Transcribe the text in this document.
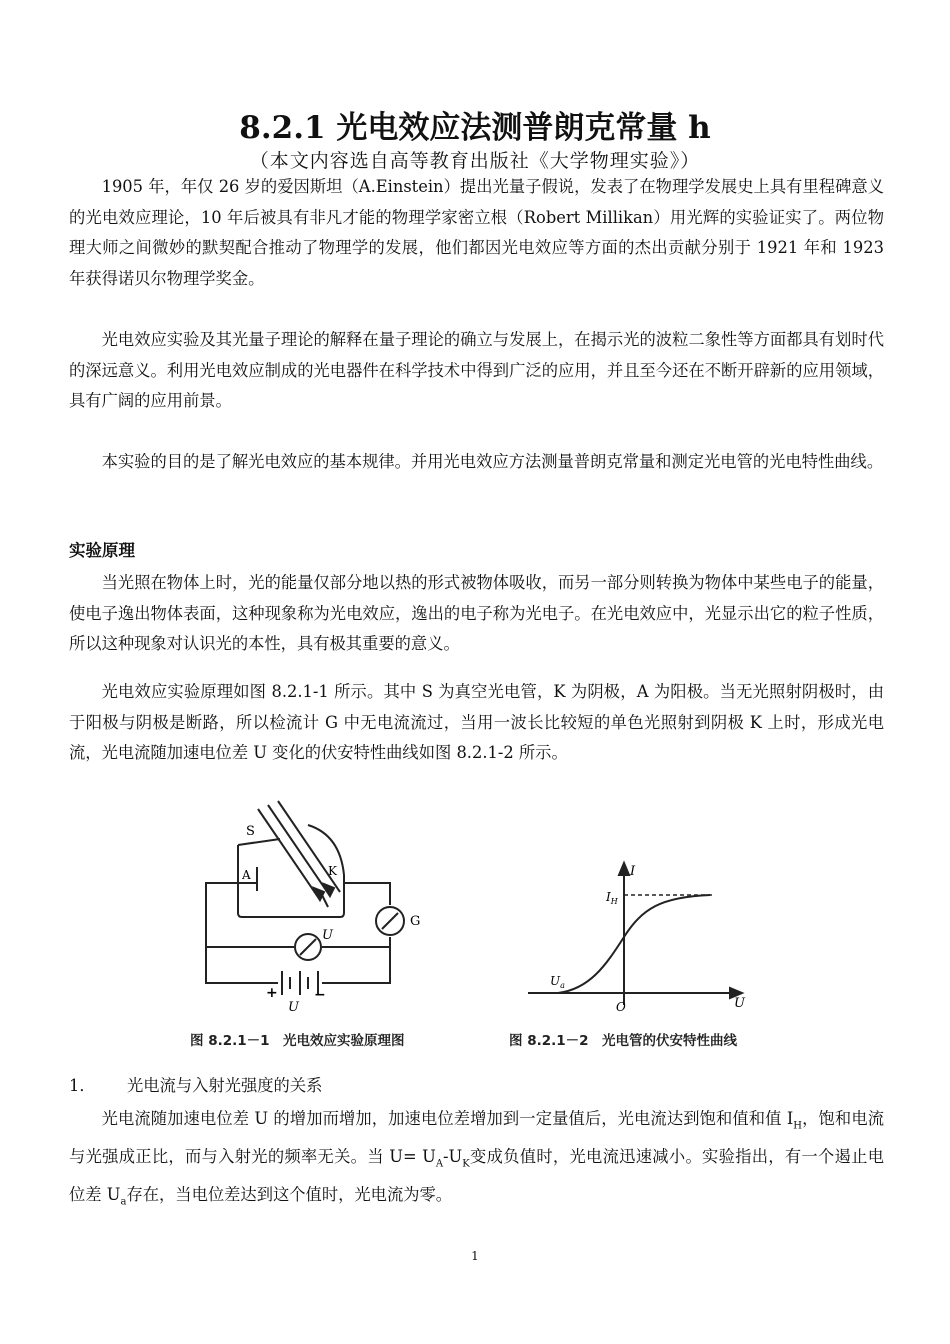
8.2.1 光电效应法测普朗克常量 h
（本文内容选自高等教育出版社《大学物理实验》）

1905 年，年仅 26 岁的爱因斯坦（A.Einstein）提出光量子假说，发表了在物理学发展史上具有里程碑意义的光电效应理论，10 年后被具有非凡才能的物理学家密立根（Robert Millikan）用光辉的实验证实了。两位物理大师之间微妙的默契配合推动了物理学的发展，他们都因光电效应等方面的杰出贡献分别于 1921 年和 1923 年获得诺贝尔物理学奖金。

光电效应实验及其光量子理论的解释在量子理论的确立与发展上，在揭示光的波粒二象性等方面都具有划时代的深远意义。利用光电效应制成的光电器件在科学技术中得到广泛的应用，并且至今还在不断开辟新的应用领域，具有广阔的应用前景。

本实验的目的是了解光电效应的基本规律。并用光电效应方法测量普朗克常量和测定光电管的光电特性曲线。

实验原理

当光照在物体上时，光的能量仅部分地以热的形式被物体吸收，而另一部分则转换为物体中某些电子的能量，使电子逸出物体表面，这种现象称为光电效应，逸出的电子称为光电子。在光电效应中，光显示出它的粒子性质，所以这种现象对认识光的本性，具有极其重要的意义。

光电效应实验原理如图 8.2.1-1 所示。其中 S 为真空光电管，K 为阴极，A 为阳极。当无光照射阴极时，由于阳极与阴极是断路，所以检流计 G 中无电流流过，当用一波长比较短的单色光照射到阴极 K 上时，形成光电流，光电流随加速电位差 U 变化的伏安特性曲线如图 8.2.1-2 所示。

S
A	K
G
U
+	−
U
图 8.2.1－1　光电效应实验原理图
I
$I_H$
$U_a$
O	U
图 8.2.1－2　光电管的伏安特性曲线
1． 光电流与入射光强度的关系

光电流随加速电位差 U 的增加而增加，加速电位差增加到一定量值后，光电流达到饱和值和值 $I_H$，饱和电流与光强成正比，而与入射光的频率无关。当 $U= U_A-U_K$变成负值时，光电流迅速减小。实验指出，有一个遏止电位差 $U_a$存在，当电位差达到这个值时，光电流为零。

1
